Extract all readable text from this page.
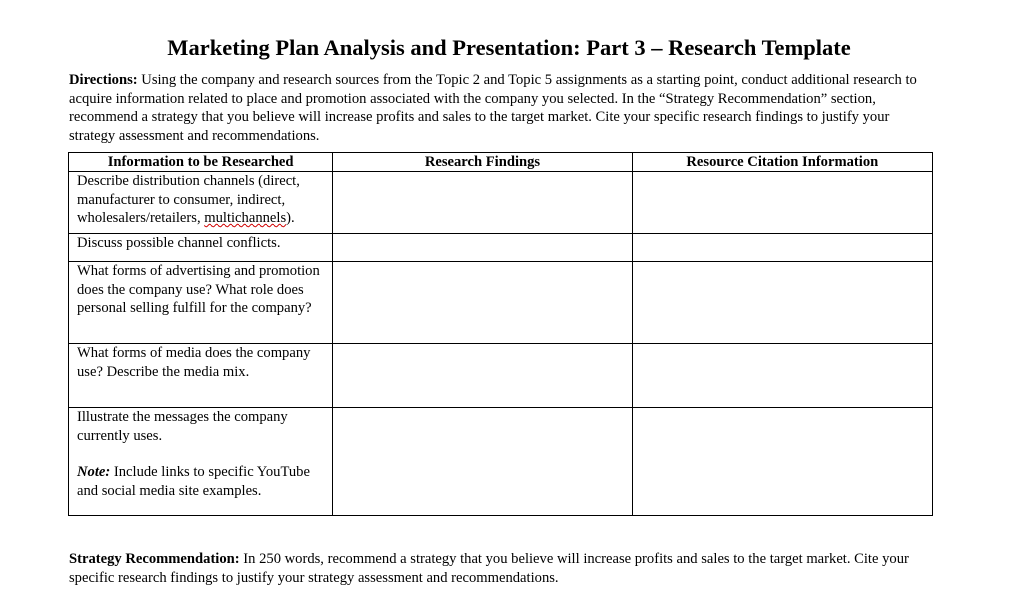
Marketing Plan Analysis and Presentation: Part 3 – Research Template

Directions: Using the company and research sources from the Topic 2 and Topic 5 assignments as a starting point, conduct additional research to acquire information related to place and promotion associated with the company you selected. In the “Strategy Recommendation” section, recommend a strategy that you believe will increase profits and sales to the target market. Cite your specific research findings to justify your strategy assessment and recommendations.

Information to be Researched	Research Findings	Resource Citation Information
Describe distribution channels (direct, manufacturer to consumer, indirect, wholesalers/retailers, multichannels).		
Discuss possible channel conflicts.		
What forms of advertising and promotion does the company use? What role does personal selling fulfill for the company?		
What forms of media does the company use? Describe the media mix.		

Illustrate the messages the company currently uses.
Note: Include links to specific YouTube and social media site examples.		

Strategy Recommendation: In 250 words, recommend a strategy that you believe will increase profits and sales to the target market. Cite your specific research findings to justify your strategy assessment and recommendations.
